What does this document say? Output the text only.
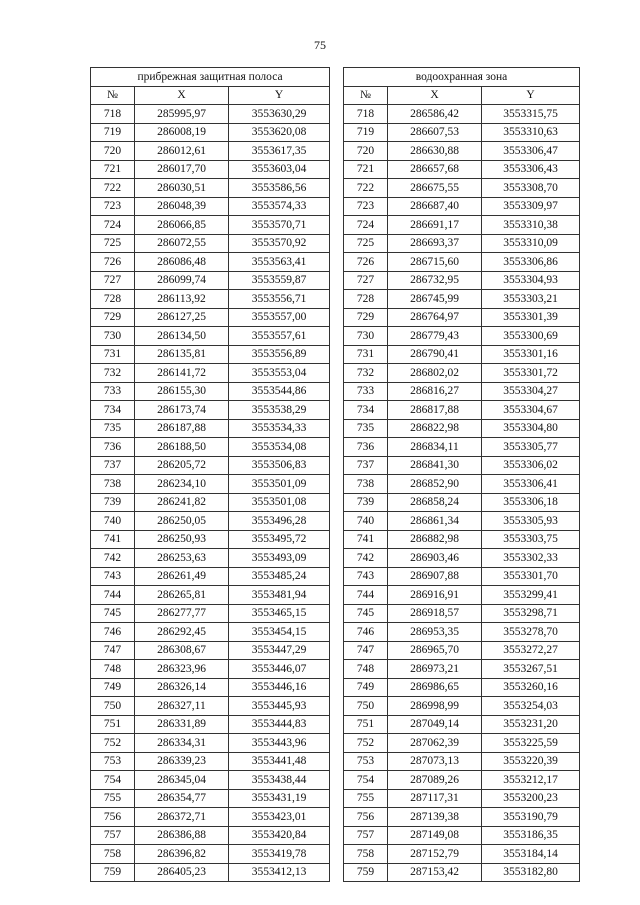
75
прибрежная защитная полоса		
№	X	Y
718	285995,97	3553630,29
719	286008,19	3553620,08
720	286012,61	3553617,35
721	286017,70	3553603,04
722	286030,51	3553586,56
723	286048,39	3553574,33
724	286066,85	3553570,71
725	286072,55	3553570,92
726	286086,48	3553563,41
727	286099,74	3553559,87
728	286113,92	3553556,71
729	286127,25	3553557,00
730	286134,50	3553557,61
731	286135,81	3553556,89
732	286141,72	3553553,04
733	286155,30	3553544,86
734	286173,74	3553538,29
735	286187,88	3553534,33
736	286188,50	3553534,08
737	286205,72	3553506,83
738	286234,10	3553501,09
739	286241,82	3553501,08
740	286250,05	3553496,28
741	286250,93	3553495,72
742	286253,63	3553493,09
743	286261,49	3553485,24
744	286265,81	3553481,94
745	286277,77	3553465,15
746	286292,45	3553454,15
747	286308,67	3553447,29
748	286323,96	3553446,07
749	286326,14	3553446,16
750	286327,11	3553445,93
751	286331,89	3553444,83
752	286334,31	3553443,96
753	286339,23	3553441,48
754	286345,04	3553438,44
755	286354,77	3553431,19
756	286372,71	3553423,01
757	286386,88	3553420,84
758	286396,82	3553419,78
759	286405,23	3553412,13
водоохранная зона		
№	X	Y
718	286586,42	3553315,75
719	286607,53	3553310,63
720	286630,88	3553306,47
721	286657,68	3553306,43
722	286675,55	3553308,70
723	286687,40	3553309,97
724	286691,17	3553310,38
725	286693,37	3553310,09
726	286715,60	3553306,86
727	286732,95	3553304,93
728	286745,99	3553303,21
729	286764,97	3553301,39
730	286779,43	3553300,69
731	286790,41	3553301,16
732	286802,02	3553301,72
733	286816,27	3553304,27
734	286817,88	3553304,67
735	286822,98	3553304,80
736	286834,11	3553305,77
737	286841,30	3553306,02
738	286852,90	3553306,41
739	286858,24	3553306,18
740	286861,34	3553305,93
741	286882,98	3553303,75
742	286903,46	3553302,33
743	286907,88	3553301,70
744	286916,91	3553299,41
745	286918,57	3553298,71
746	286953,35	3553278,70
747	286965,70	3553272,27
748	286973,21	3553267,51
749	286986,65	3553260,16
750	286998,99	3553254,03
751	287049,14	3553231,20
752	287062,39	3553225,59
753	287073,13	3553220,39
754	287089,26	3553212,17
755	287117,31	3553200,23
756	287139,38	3553190,79
757	287149,08	3553186,35
758	287152,79	3553184,14
759	287153,42	3553182,80
